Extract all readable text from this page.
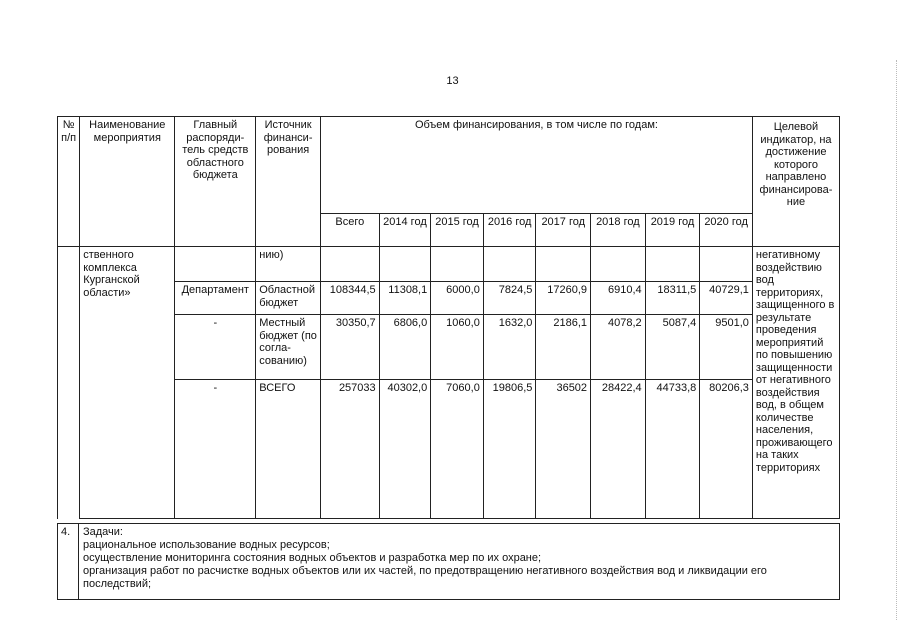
13
№ п/п	Наименование мероприятия	Главный распоряди-тель средств областного бюджета	Источник финанси-рования	Объем финансирования, в том числе по годам:								Целевой индикатор, на достижение которого направлено финансирова-ние
				Всего	2014 год	2015 год	2016 год	2017 год	2018 год	2019 год	2020 год	
	ственного комплекса Курганской области»		нию)									негативному воздействию вод территориях, защищенного в результате проведения мероприятий по повышению защищенности от негативного воздействия вод, в общем количестве населения, проживающего на таких территориях
		Департамент	Областной бюджет	108344,5	11308,1	6000,0	7824,5	17260,9	6910,4	18311,5	40729,1	
		-	Местный бюджет (по согла-сованию)	30350,7	6806,0	1060,0	1632,0	2186,1	4078,2	5087,4	9501,0	
		-	ВСЕГО	257033	40302,0	7060,0	19806,5	36502	28422,4	44733,8	80206,3	
4.	Задачи:
рациональное использование водных ресурсов;
осуществление мониторинга состояния водных объектов и разработка мер по их охране;
организация работ по расчистке водных объектов или их частей, по предотвращению негативного воздействия вод и ликвидации его последствий;
